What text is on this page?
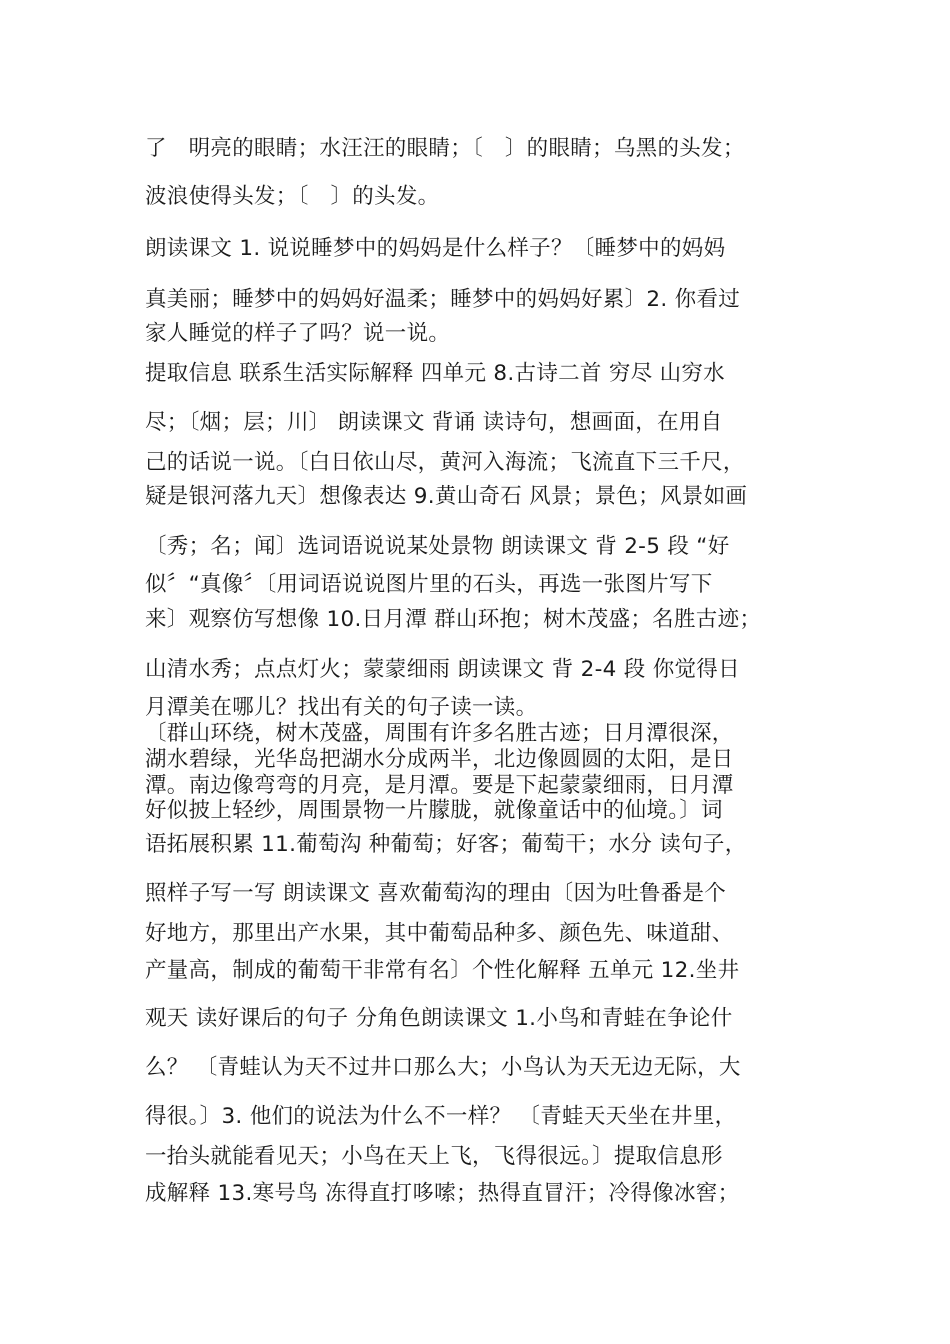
了　明亮的眼睛；水汪汪的眼睛；〔　〕的眼睛；乌黑的头发；
波浪使得头发；〔　〕的头发。
朗读课文 1. 说说睡梦中的妈妈是什么样子？〔睡梦中的妈妈
真美丽；睡梦中的妈妈好温柔；睡梦中的妈妈好累〕2. 你看过
家人睡觉的样子了吗？说一说。
提取信息 联系生活实际解释 四单元 8.古诗二首 穷尽 山穷水
尽；〔烟；层；川〕 朗读课文 背诵 读诗句，想画面，在用自
己的话说一说。〔白日依山尽，黄河入海流；飞流直下三千尺，
疑是银河落九天〕想像表达 9.黄山奇石 风景；景色；风景如画
〔秀；名；闻〕选词语说说某处景物 朗读课文 背 2-5 段 “好
似〞“真像〞〔用词语说说图片里的石头，再选一张图片写下
来〕观察仿写想像 10.日月潭 群山环抱；树木茂盛；名胜古迹；
山清水秀；点点灯火；蒙蒙细雨 朗读课文 背 2-4 段 你觉得日
月潭美在哪儿？找出有关的句子读一读。
〔群山环绕，树木茂盛，周围有许多名胜古迹；日月潭很深，
湖水碧绿，光华岛把湖水分成两半，北边像圆圆的太阳，是日
潭。南边像弯弯的月亮，是月潭。要是下起蒙蒙细雨，日月潭
好似披上轻纱，周围景物一片朦胧，就像童话中的仙境。〕词
语拓展积累 11.葡萄沟 种葡萄；好客；葡萄干；水分 读句子，
照样子写一写 朗读课文 喜欢葡萄沟的理由〔因为吐鲁番是个
好地方，那里出产水果，其中葡萄品种多、颜色先、味道甜、
产量高，制成的葡萄干非常有名〕个性化解释 五单元 12.坐井
观天 读好课后的句子 分角色朗读课文 1.小鸟和青蛙在争论什
么？ 〔青蛙认为天不过井口那么大；小鸟认为天无边无际，大
得很。〕3. 他们的说法为什么不一样？ 〔青蛙天天坐在井里，
一抬头就能看见天；小鸟在天上飞，飞得很远。〕提取信息形
成解释 13.寒号鸟 冻得直打哆嗦；热得直冒汗；冷得像冰窖；
